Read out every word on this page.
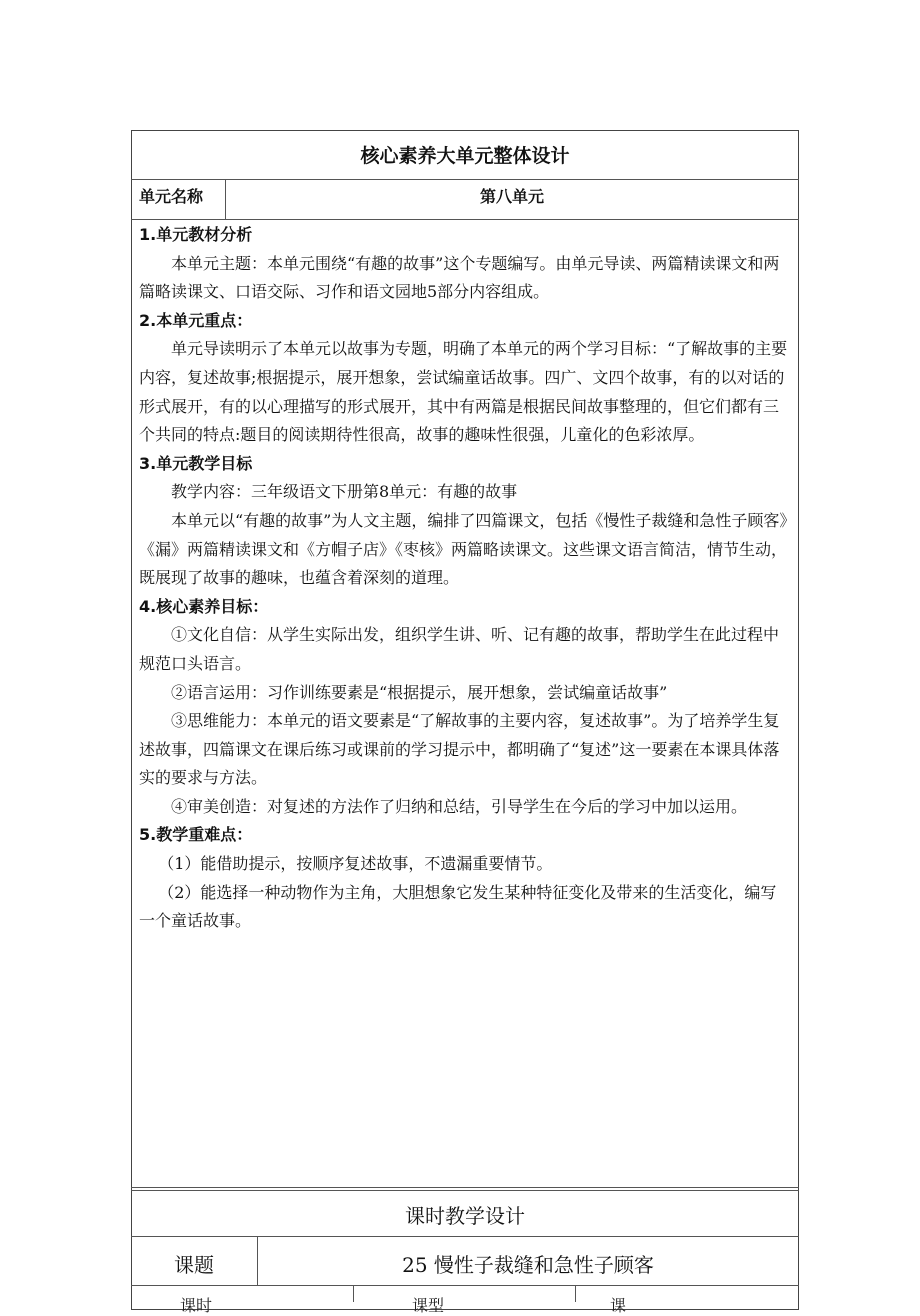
核心素养大单元整体设计
单元名称	第八单元

1.单元教材分析

本单元主题：本单元围绕“有趣的故事”这个专题编写。由单元导读、两篇精读课文和两篇略读课文、口语交际、习作和语文园地5部分内容组成。

2.本单元重点：

单元导读明示了本单元以故事为专题，明确了本单元的两个学习目标：“了解故事的主要内容，复述故事;根据提示，展开想象，尝试编童话故事。四广、文四个故事，有的以对话的形式展开，有的以心理描写的形式展开，其中有两篇是根据民间故事整理的，但它们都有三个共同的特点:题目的阅读期待性很高，故事的趣味性很强，儿童化的色彩浓厚。

3.单元教学目标

教学内容：三年级语文下册第8单元：有趣的故事

本单元以“有趣的故事”为人文主题，编排了四篇课文，包括《慢性子裁缝和急性子顾客》《漏》两篇精读课文和《方帽子店》《枣核》两篇略读课文。这些课文语言简洁，情节生动，既展现了故事的趣味，也蕴含着深刻的道理。

4.核心素养目标：

①文化自信：从学生实际出发，组织学生讲、听、记有趣的故事，帮助学生在此过程中规范口头语言。

②语言运用：习作训练要素是“根据提示，展开想象，尝试编童话故事”

③思维能力：本单元的语文要素是“了解故事的主要内容，复述故事”。为了培养学生复述故事，四篇课文在课后练习或课前的学习提示中，都明确了“复述”这一要素在本课具体落实的要求与方法。

④审美创造：对复述的方法作了归纳和总结，引导学生在今后的学习中加以运用。

5.教学重难点：

（1）能借助提示，按顺序复述故事，不遗漏重要情节。

（2）能选择一种动物作为主角，大胆想象它发生某种特征变化及带来的生活变化，编写一个童话故事。

课时教学设计
课题	25 慢性子裁缝和急性子顾客
课时	课型	课
